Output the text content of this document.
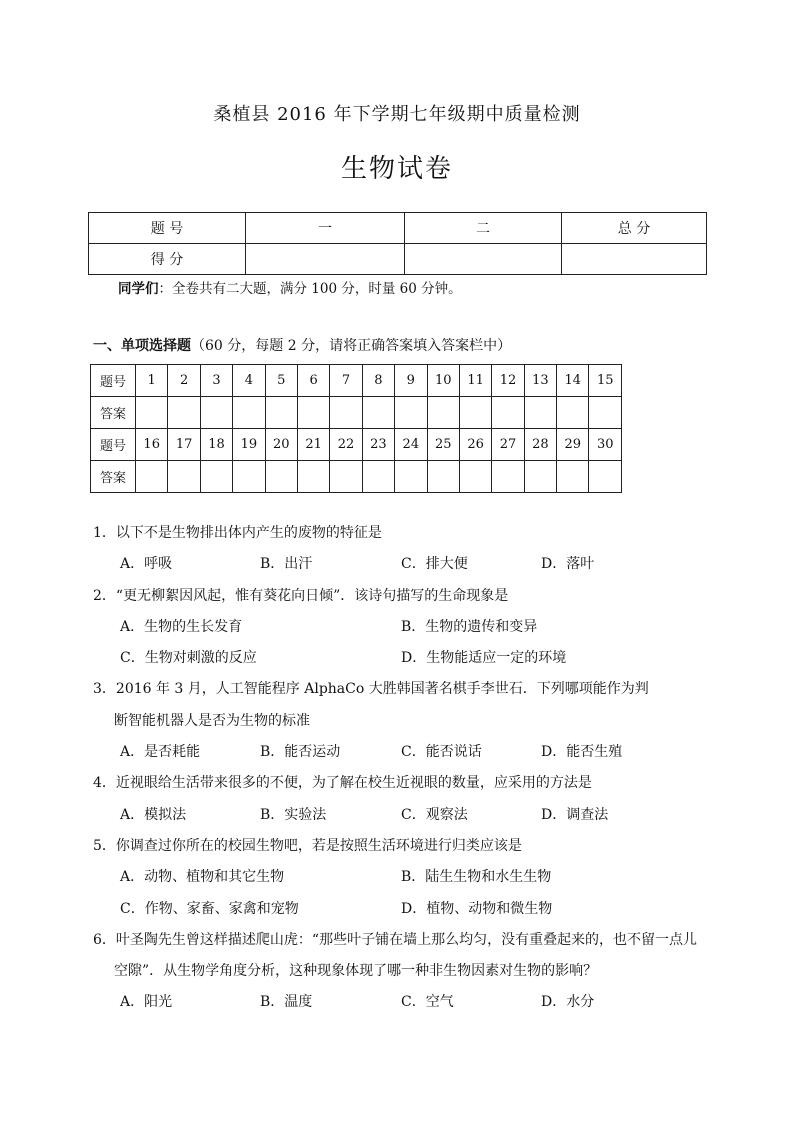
桑植县 2016 年下学期七年级期中质量检测
生物试卷
题 号	一	二	总 分
得 分			
同学们：全卷共有二大题，满分 100 分，时量 60 分钟。
一、单项选择题（60 分，每题 2 分，请将正确答案填入答案栏中）
题号	1	2	3	4	5	6	7	8	9	10	11	12	13	14	15
答案															
题号	16	17	18	19	20	21	22	23	24	25	26	27	28	29	30
答案															
1．以下不是生物排出体内产生的废物的特征是
A．呼吸	B．出汗	C．排大便	D．落叶
2．“更无柳絮因风起，惟有葵花向日倾”．该诗句描写的生命现象是
A．生物的生长发育	B．生物的遗传和变异
C．生物对刺激的反应	D．生物能适应一定的环境
3．2016 年 3 月，人工智能程序 AlphaCo 大胜韩国著名棋手李世石．下列哪项能作为判
断智能机器人是否为生物的标准
A．是否耗能	B．能否运动	C．能否说话	D．能否生殖
4．近视眼给生活带来很多的不便，为了解在校生近视眼的数量，应采用的方法是
A．模拟法	B．实验法	C．观察法	D．调查法
5．你调查过你所在的校园生物吧，若是按照生活环境进行归类应该是
A．动物、植物和其它生物	B．陆生生物和水生生物
C．作物、家畜、家禽和宠物	D．植物、动物和微生物
6．叶圣陶先生曾这样描述爬山虎：“那些叶子铺在墙上那么均匀，没有重叠起来的，也不留一点儿
空隙”．从生物学角度分析，这种现象体现了哪一种非生物因素对生物的影响？
A．阳光	B．温度	C．空气	D．水分
